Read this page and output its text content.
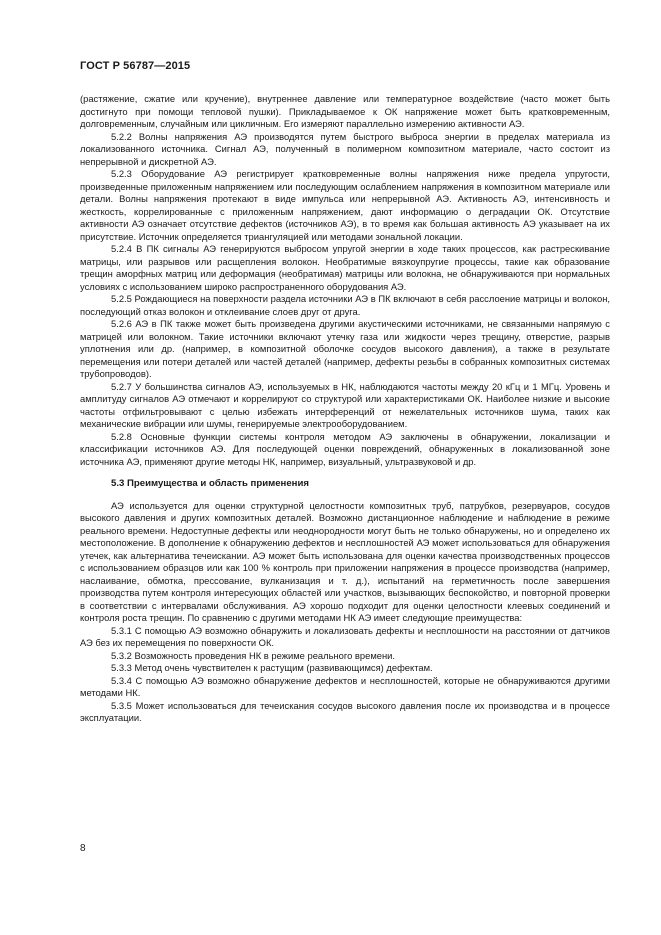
ГОСТ Р 56787—2015

(растяжение, сжатие или кручение), внутреннее давление или температурное воздействие (часто может быть достигнуто при помощи тепловой пушки). Прикладываемое к ОК напряжение может быть кратковременным, долговременным, случайным или цикличным. Его измеряют параллельно измерению активности АЭ.

5.2.2 Волны напряжения АЭ производятся путем быстрого выброса энергии в пределах материала из локализованного источника. Сигнал АЭ, полученный в полимерном композитном материале, часто состоит из непрерывной и дискретной АЭ.

5.2.3 Оборудование АЭ регистрирует кратковременные волны напряжения ниже предела упругости, произведенные приложенным напряжением или последующим ослаблением напряжения в композитном материале или детали. Волны напряжения протекают в виде импульса или непрерывной АЭ. Активность АЭ, интенсивность и жесткость, коррелированные с приложенным напряжением, дают информацию о деградации ОК. Отсутствие активности АЭ означает отсутствие дефектов (источников АЭ), в то время как большая активность АЭ указывает на их присутствие. Источник определяется триангуляцией или методами зональной локации.

5.2.4 В ПК сигналы АЭ генерируются выбросом упругой энергии в ходе таких процессов, как растрескивание матрицы, или разрывов или расщепления волокон. Необратимые вязкоупругие процессы, такие как образование трещин аморфных матриц или деформация (необратимая) матрицы или волокна, не обнаруживаются при нормальных условиях с использованием широко распространенного оборудования АЭ.

5.2.5 Рождающиеся на поверхности раздела источники АЭ в ПК включают в себя расслоение матрицы и волокон, последующий отказ волокон и отклеивание слоев друг от друга.

5.2.6 АЭ в ПК также может быть произведена другими акустическими источниками, не связанными напрямую с матрицей или волокном. Такие источники включают утечку газа или жидкости через трещину, отверстие, разрыв уплотнения или др. (например, в композитной оболочке сосудов высокого давления), а также в результате перемещения или потери деталей или частей деталей (например, дефекты резьбы в собранных композитных системах трубопроводов).

5.2.7 У большинства сигналов АЭ, используемых в НК, наблюдаются частоты между 20 кГц и 1 МГц. Уровень и амплитуду сигналов АЭ отмечают и коррелируют со структурой или характеристиками ОК. Наиболее низкие и высокие частоты отфильтровывают с целью избежать интерференций от нежелательных источников шума, таких как механические вибрации или шумы, генерируемые электрооборудованием.

5.2.8 Основные функции системы контроля методом АЭ заключены в обнаружении, локализации и классификации источников АЭ. Для последующей оценки повреждений, обнаруженных в локализованной зоне источника АЭ, применяют другие методы НК, например, визуальный, ультразвуковой и др.

5.3 Преимущества и область применения

АЭ используется для оценки структурной целостности композитных труб, патрубков, резервуаров, сосудов высокого давления и других композитных деталей. Возможно дистанционное наблюдение и наблюдение в режиме реального времени. Недоступные дефекты или неоднородности могут быть не только обнаружены, но и определено их местоположение. В дополнение к обнаружению дефектов и несплошностей АЭ может использоваться для обнаружения утечек, как альтернатива течеискании. АЭ может быть использована для оценки качества производственных процессов с использованием образцов или как 100 % контроль при приложении напряжения в процессе производства (например, наслаивание, обмотка, прессование, вулканизация и т. д.), испытаний на герметичность после завершения производства путем контроля интересующих областей или участков, вызывающих беспокойство, и повторной проверки в соответствии с интервалами обслуживания. АЭ хорошо подходит для оценки целостности клеевых соединений и контроля роста трещин. По сравнению с другими методами НК АЭ имеет следующие преимущества:

5.3.1 С помощью АЭ возможно обнаружить и локализовать дефекты и несплошности на расстоянии от датчиков АЭ без их перемещения по поверхности ОК.

5.3.2 Возможность проведения НК в режиме реального времени.

5.3.3 Метод очень чувствителен к растущим (развивающимся) дефектам.

5.3.4 С помощью АЭ возможно обнаружение дефектов и несплошностей, которые не обнаруживаются другими методами НК.

5.3.5 Может использоваться для течеискания сосудов высокого давления после их производства и в процессе эксплуатации.

8
